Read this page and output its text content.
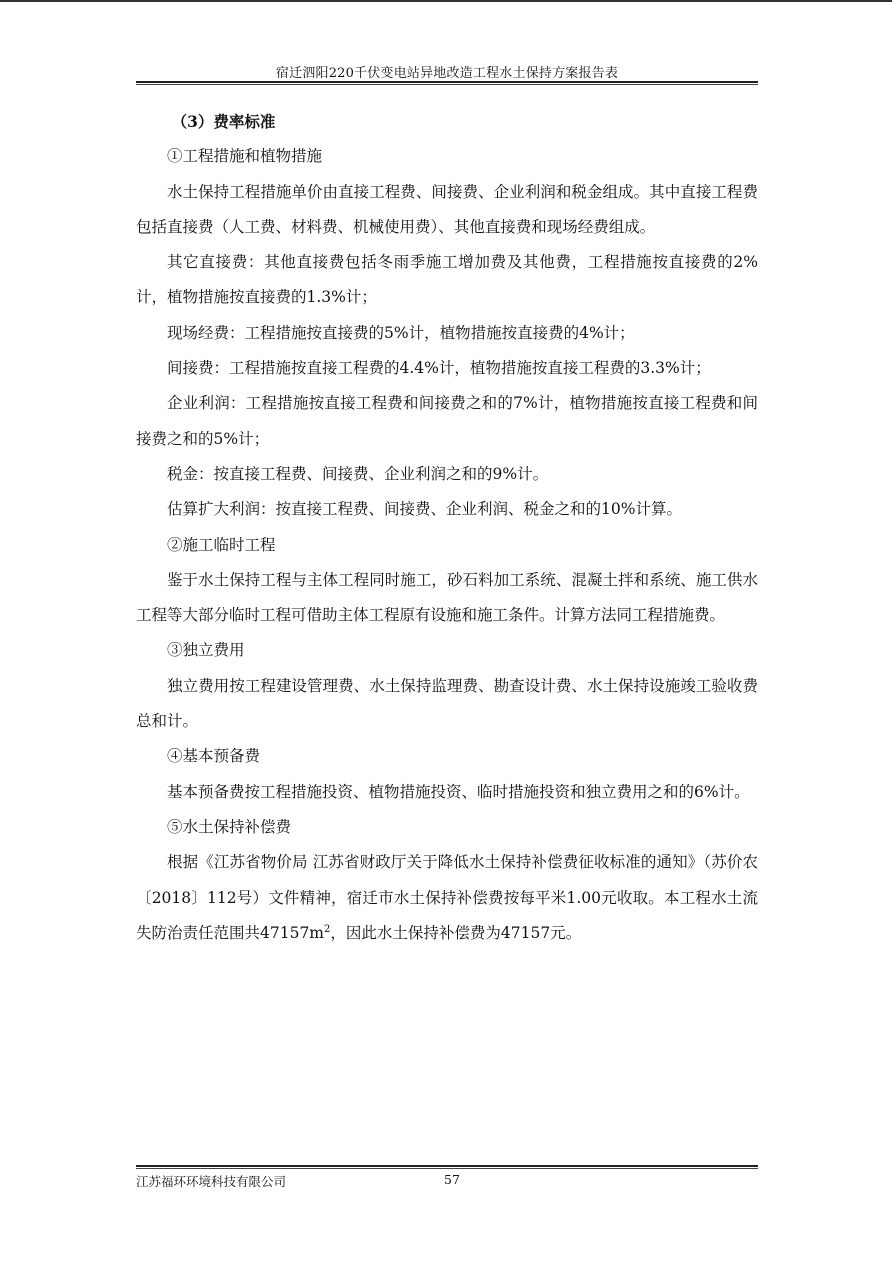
宿迁泗阳220千伏变电站异地改造工程水土保持方案报告表

（3）费率标准

①工程措施和植物措施

水土保持工程措施单价由直接工程费、间接费、企业利润和税金组成。其中直接工程费包括直接费（人工费、材料费、机械使用费）、其他直接费和现场经费组成。

其它直接费：其他直接费包括冬雨季施工增加费及其他费，工程措施按直接费的2%计，植物措施按直接费的1.3%计；

现场经费：工程措施按直接费的5%计，植物措施按直接费的4%计；

间接费：工程措施按直接工程费的4.4%计，植物措施按直接工程费的3.3%计；

企业利润：工程措施按直接工程费和间接费之和的7%计，植物措施按直接工程费和间接费之和的5%计；

税金：按直接工程费、间接费、企业利润之和的9%计。

估算扩大利润：按直接工程费、间接费、企业利润、税金之和的10%计算。

②施工临时工程

鉴于水土保持工程与主体工程同时施工，砂石料加工系统、混凝土拌和系统、施工供水工程等大部分临时工程可借助主体工程原有设施和施工条件。计算方法同工程措施费。

③独立费用

独立费用按工程建设管理费、水土保持监理费、勘查设计费、水土保持设施竣工验收费总和计。

④基本预备费

基本预备费按工程措施投资、植物措施投资、临时措施投资和独立费用之和的6%计。

⑤水土保持补偿费

根据《江苏省物价局 江苏省财政厅关于降低水土保持补偿费征收标准的通知》（苏价农〔2018〕112号）文件精神，宿迁市水土保持补偿费按每平米1.00元收取。本工程水土流失防治责任范围共$47157m^2$，因此水土保持补偿费为47157元。

江苏福环环境科技有限公司	57
